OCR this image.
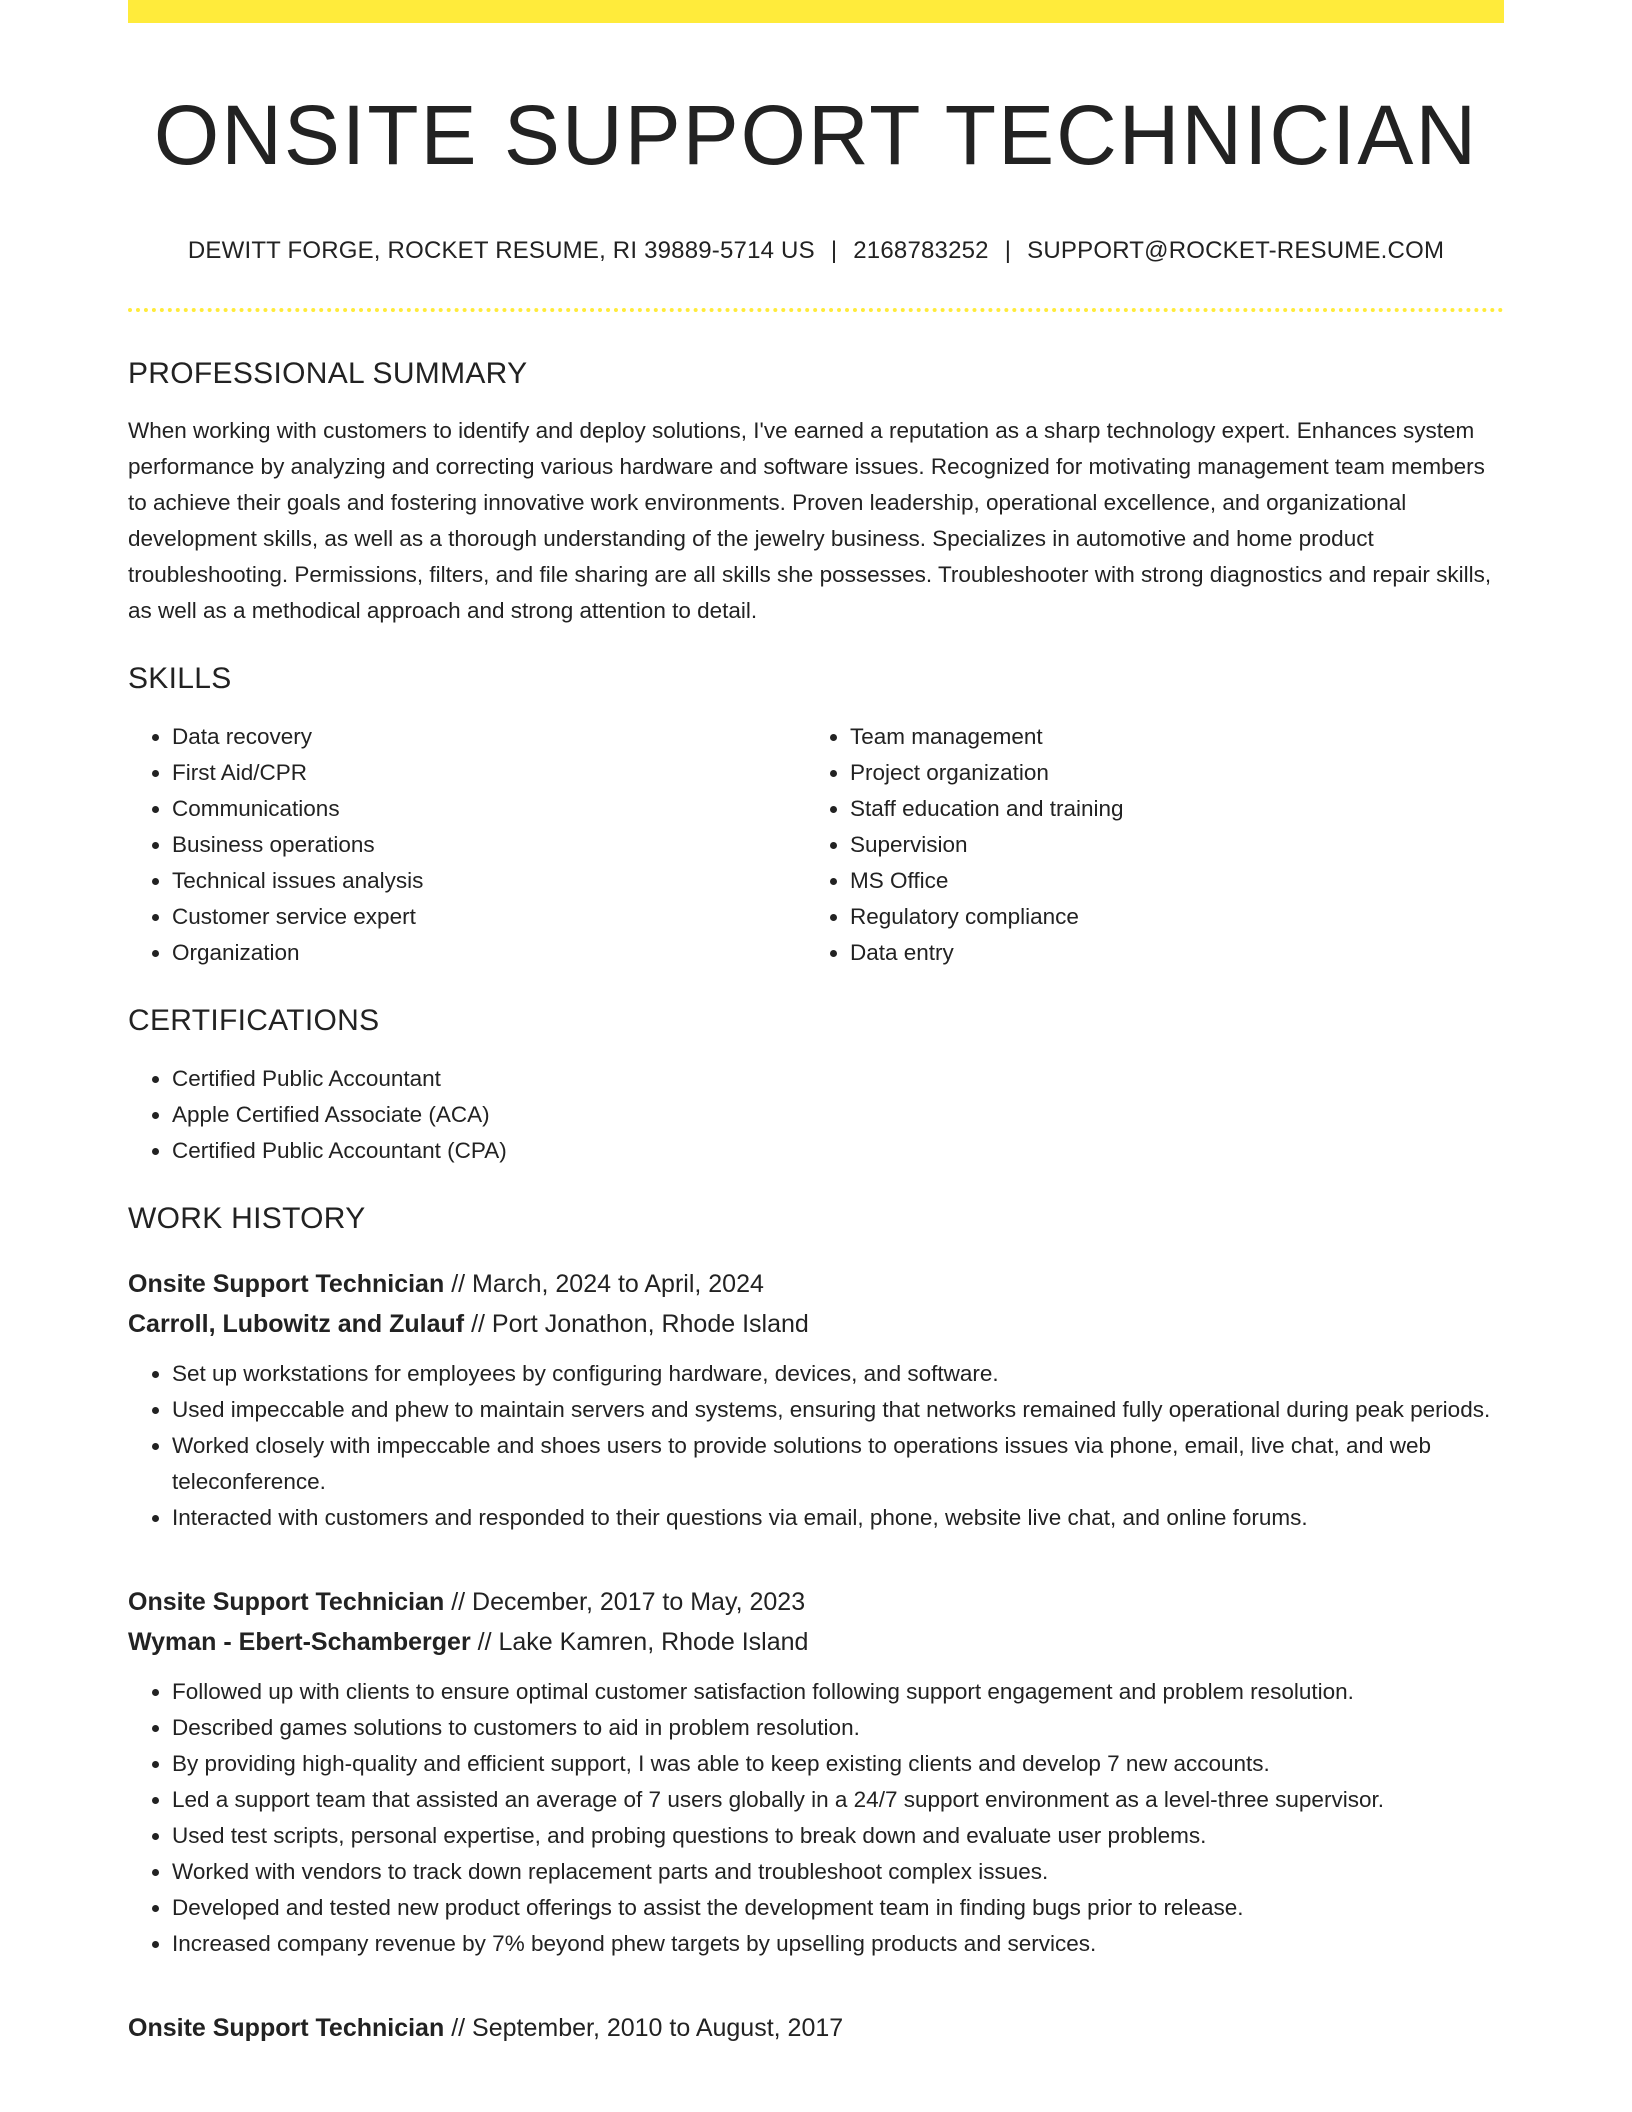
ONSITE SUPPORT TECHNICIAN
DEWITT FORGE, ROCKET RESUME, RI 39889-5714 US | 2168783252 | SUPPORT@ROCKET-RESUME.COM
PROFESSIONAL SUMMARY

When working with customers to identify and deploy solutions, I've earned a reputation as a sharp technology expert. Enhances system performance by analyzing and correcting various hardware and software issues. Recognized for motivating management team members to achieve their goals and fostering innovative work environments. Proven leadership, operational excellence, and organizational development skills, as well as a thorough understanding of the jewelry business. Specializes in automotive and home product troubleshooting. Permissions, filters, and file sharing are all skills she possesses. Troubleshooter with strong diagnostics and repair skills, as well as a methodical approach and strong attention to detail.

SKILLS
• Data recovery
• First Aid/CPR
• Communications
• Business operations
• Technical issues analysis
• Customer service expert
• Organization
• Team management
• Project organization
• Staff education and training
• Supervision
• MS Office
• Regulatory compliance
• Data entry
CERTIFICATIONS
• Certified Public Accountant
• Apple Certified Associate (ACA)
• Certified Public Accountant (CPA)
WORK HISTORY
Onsite Support Technician // March, 2024 to April, 2024
Carroll, Lubowitz and Zulauf // Port Jonathon, Rhode Island
• Set up workstations for employees by configuring hardware, devices, and software.
• Used impeccable and phew to maintain servers and systems, ensuring that networks remained fully operational during peak periods.
• Worked closely with impeccable and shoes users to provide solutions to operations issues via phone, email, live chat, and web teleconference.
• Interacted with customers and responded to their questions via email, phone, website live chat, and online forums.
Onsite Support Technician // December, 2017 to May, 2023
Wyman - Ebert-Schamberger // Lake Kamren, Rhode Island
• Followed up with clients to ensure optimal customer satisfaction following support engagement and problem resolution.
• Described games solutions to customers to aid in problem resolution.
• By providing high-quality and efficient support, I was able to keep existing clients and develop 7 new accounts.
• Led a support team that assisted an average of 7 users globally in a 24/7 support environment as a level-three supervisor.
• Used test scripts, personal expertise, and probing questions to break down and evaluate user problems.
• Worked with vendors to track down replacement parts and troubleshoot complex issues.
• Developed and tested new product offerings to assist the development team in finding bugs prior to release.
• Increased company revenue by 7% beyond phew targets by upselling products and services.
Onsite Support Technician // September, 2010 to August, 2017
